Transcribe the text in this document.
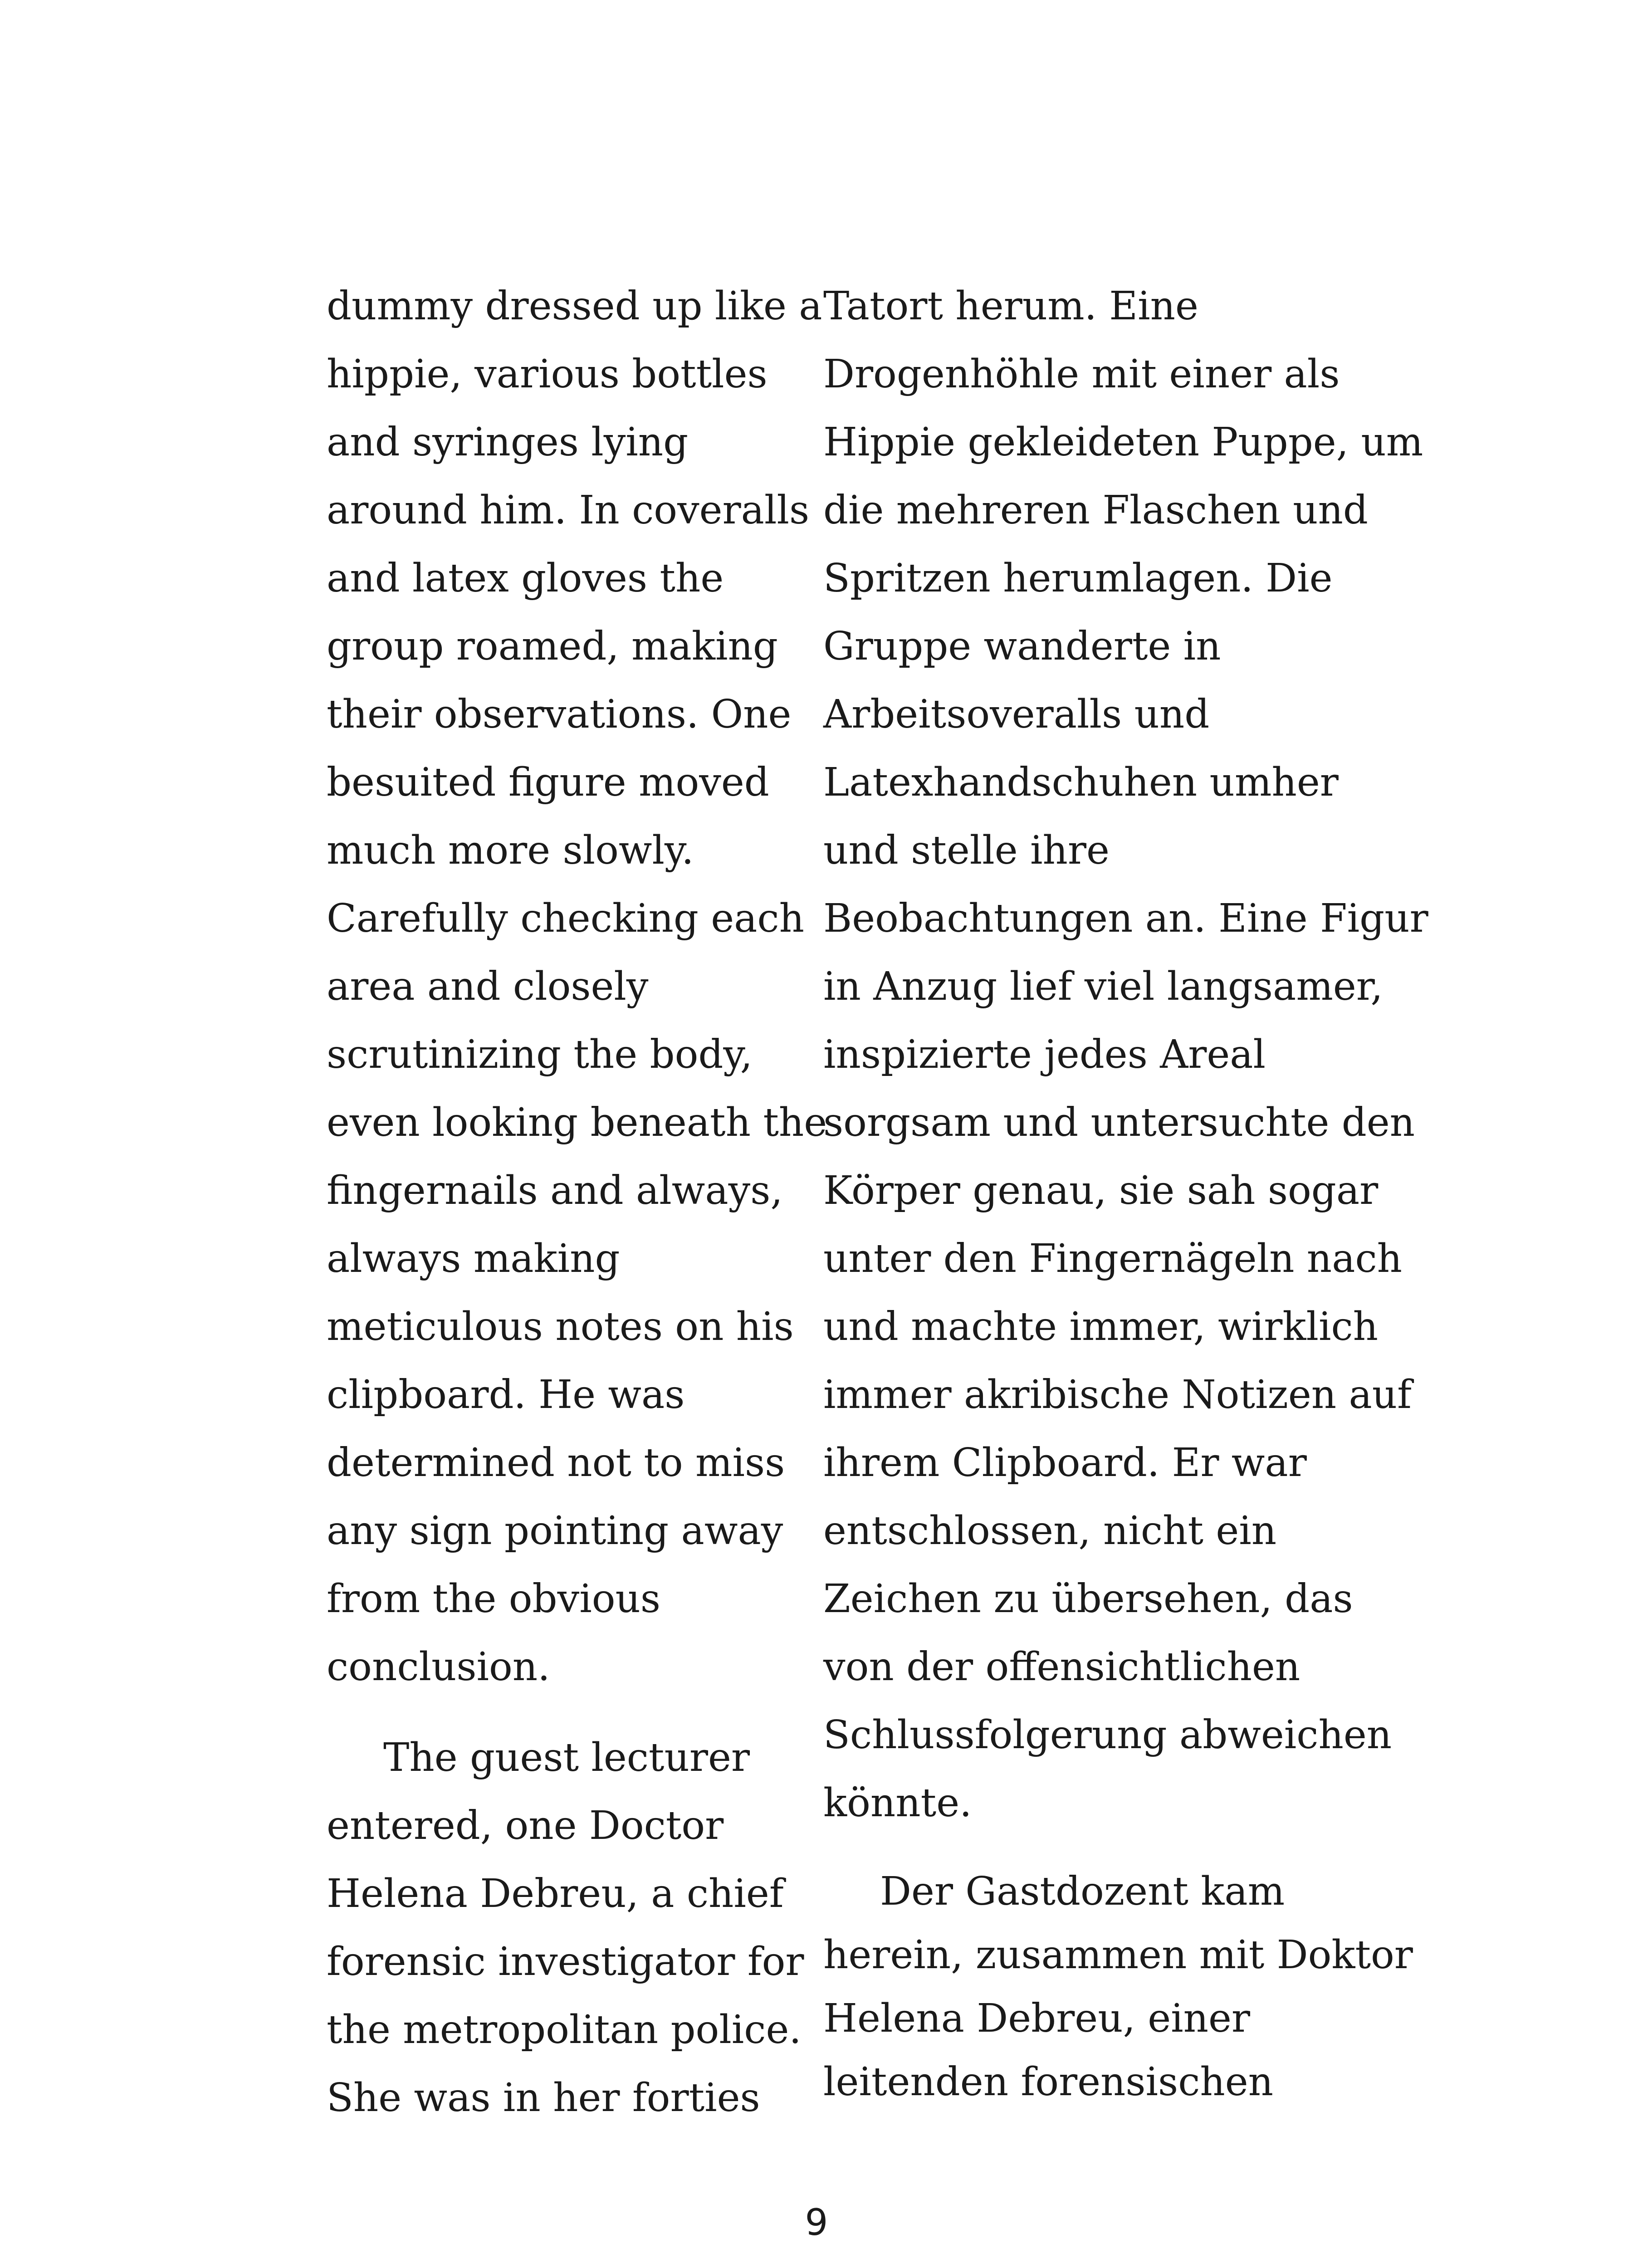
dummy dressed up like a
hippie, various bottles
and syringes lying
around him. In coveralls
and latex gloves the
group roamed, making
their observations. One
besuited figure moved
much more slowly.
Carefully checking each
area and closely
scrutinizing the body,
even looking beneath the
fingernails and always,
always making
meticulous notes on his
clipboard. He was
determined not to miss
any sign pointing away
from the obvious
conclusion.
The guest lecturer
entered, one Doctor
Helena Debreu, a chief
forensic investigator for
the metropolitan police.
She was in her forties
Tatort herum. Eine
Drogenhöhle mit einer als
Hippie gekleideten Puppe, um
die mehreren Flaschen und
Spritzen herumlagen. Die
Gruppe wanderte in
Arbeitsoveralls und
Latexhandschuhen umher
und stelle ihre
Beobachtungen an. Eine Figur
in Anzug lief viel langsamer,
inspizierte jedes Areal
sorgsam und untersuchte den
Körper genau, sie sah sogar
unter den Fingernägeln nach
und machte immer, wirklich
immer akribische Notizen auf
ihrem Clipboard. Er war
entschlossen, nicht ein
Zeichen zu übersehen, das
von der offensichtlichen
Schlussfolgerung abweichen
könnte.
Der Gastdozent kam
herein, zusammen mit Doktor
Helena Debreu, einer
leitenden forensischen
9
